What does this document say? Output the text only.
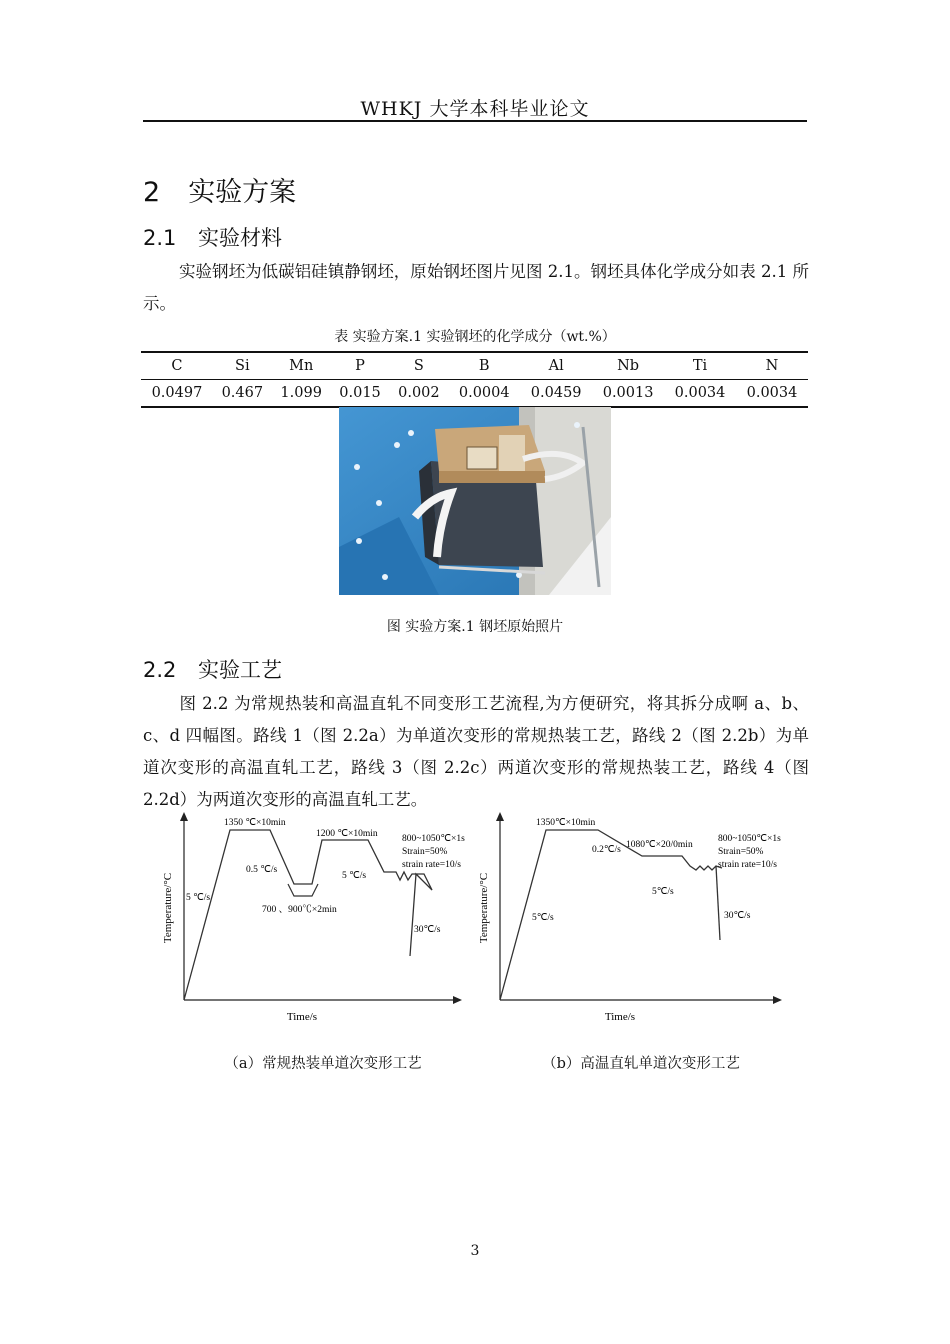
WHKJ 大学本科毕业论文
2 实验方案
2.1 实验材料
实验钢坯为低碳铝硅镇静钢坯，原始钢坯图片见图 2.1。钢坯具体化学成分如表 2.1 所示。
表 实验方案.1 实验钢坯的化学成分（wt.%）
C	Si	Mn	P	S	B	Al	Nb	Ti	N
0.0497	0.467	1.099	0.015	0.002	0.0004	0.0459	0.0013	0.0034	0.0034
图 实验方案.1 钢坯原始照片
2.2 实验工艺
图 2.2 为常规热装和高温直轧不同变形工艺流程,为方便研究，将其拆分成啊 a、b、c、d 四幅图。路线 1（图 2.2a）为单道次变形的常规热装工艺，路线 2（图 2.2b）为单道次变形的高温直轧工艺，路线 3（图 2.2c）两道次变形的常规热装工艺，路线 4（图 2.2d）为两道次变形的高温直轧工艺。
Time/s
Temperature/°C
1350 ℃×10min
0.5 ℃/s
5 ℃/s
700 、900℃×2min
1200 ℃×10min
5 ℃/s
800~1050℃×1s
Strain=50%
strain rate=10/s
30℃/s
Time/s
Temperature/°C
1350℃×10min
0.2℃/s 1080℃×20/0min
5℃/s
800~1050℃×1s
Strain=50%
strain rate=10/s
5℃/s	30℃/s
（a）常规热装单道次变形工艺	（b）高温直轧单道次变形工艺
3
